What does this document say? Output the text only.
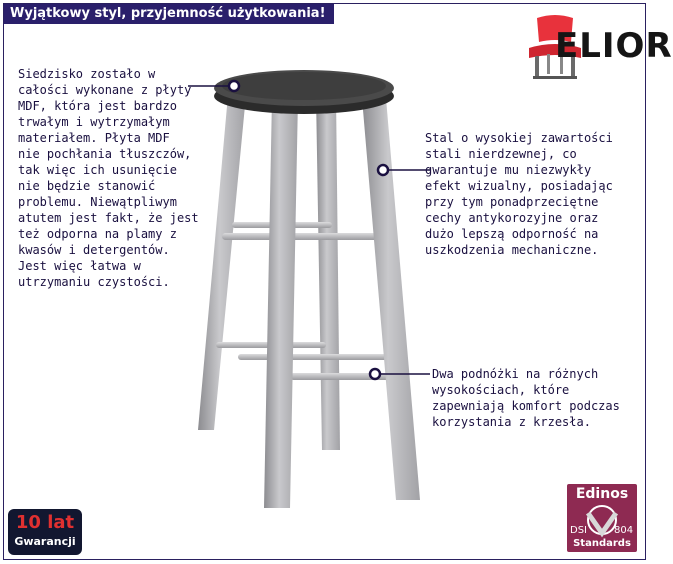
Wyjątkowy styl, przyjemność użytkowania!
ELIOR
Siedzisko zostało w
całości wykonane z płyty
MDF, która jest bardzo
trwałym i wytrzymałym
materiałem. Płyta MDF
nie pochłania tłuszczów,
tak więc ich usunięcie
nie będzie stanowić
problemu. Niewątpliwym
atutem jest fakt, że jest
też odporna na plamy z
kwasów i detergentów.
Jest więc łatwa w
utrzymaniu czystości.
Stal o wysokiej zawartości
stali nierdzewnej, co
gwarantuje mu niezwykły
efekt wizualny, posiadając
przy tym ponadprzeciętne
cechy antykorozyjne oraz
dużo lepszą odporność na
uszkodzenia mechaniczne.
Dwa podnóżki na różnych
wysokościach, które
zapewniają komfort podczas
korzystania z krzesła.
10 lat
Gwarancji
Edinos
DSI	804
Standards
